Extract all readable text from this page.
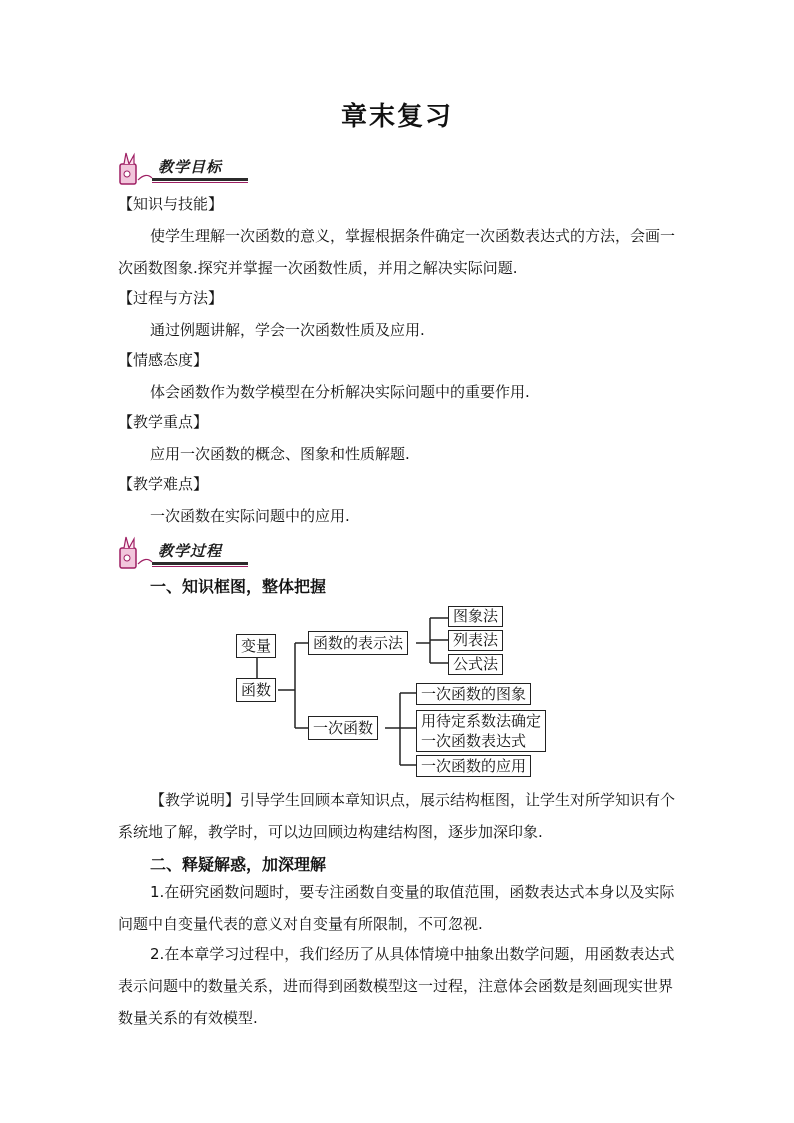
章末复习
教学目标
【知识与技能】
使学生理解一次函数的意义，掌握根据条件确定一次函数表达式的方法，会画一次函数图象.探究并掌握一次函数性质，并用之解决实际问题.
【过程与方法】
通过例题讲解，学会一次函数性质及应用.
【情感态度】
体会函数作为数学模型在分析解决实际问题中的重要作用.
【教学重点】
应用一次函数的概念、图象和性质解题.
【教学难点】
一次函数在实际问题中的应用.
教学过程
一、知识框图，整体把握
变量
函数
函数的表示法
图象法
列表法
公式法
一次函数
一次函数的图象
用待定系数法确定
一次函数表达式
一次函数的应用
【教学说明】引导学生回顾本章知识点，展示结构框图，让学生对所学知识有个系统地了解，教学时，可以边回顾边构建结构图，逐步加深印象.
二、释疑解惑，加深理解
1.在研究函数问题时，要专注函数自变量的取值范围，函数表达式本身以及实际问题中自变量代表的意义对自变量有所限制，不可忽视.
2.在本章学习过程中，我们经历了从具体情境中抽象出数学问题，用函数表达式表示问题中的数量关系，进而得到函数模型这一过程，注意体会函数是刻画现实世界数量关系的有效模型.
